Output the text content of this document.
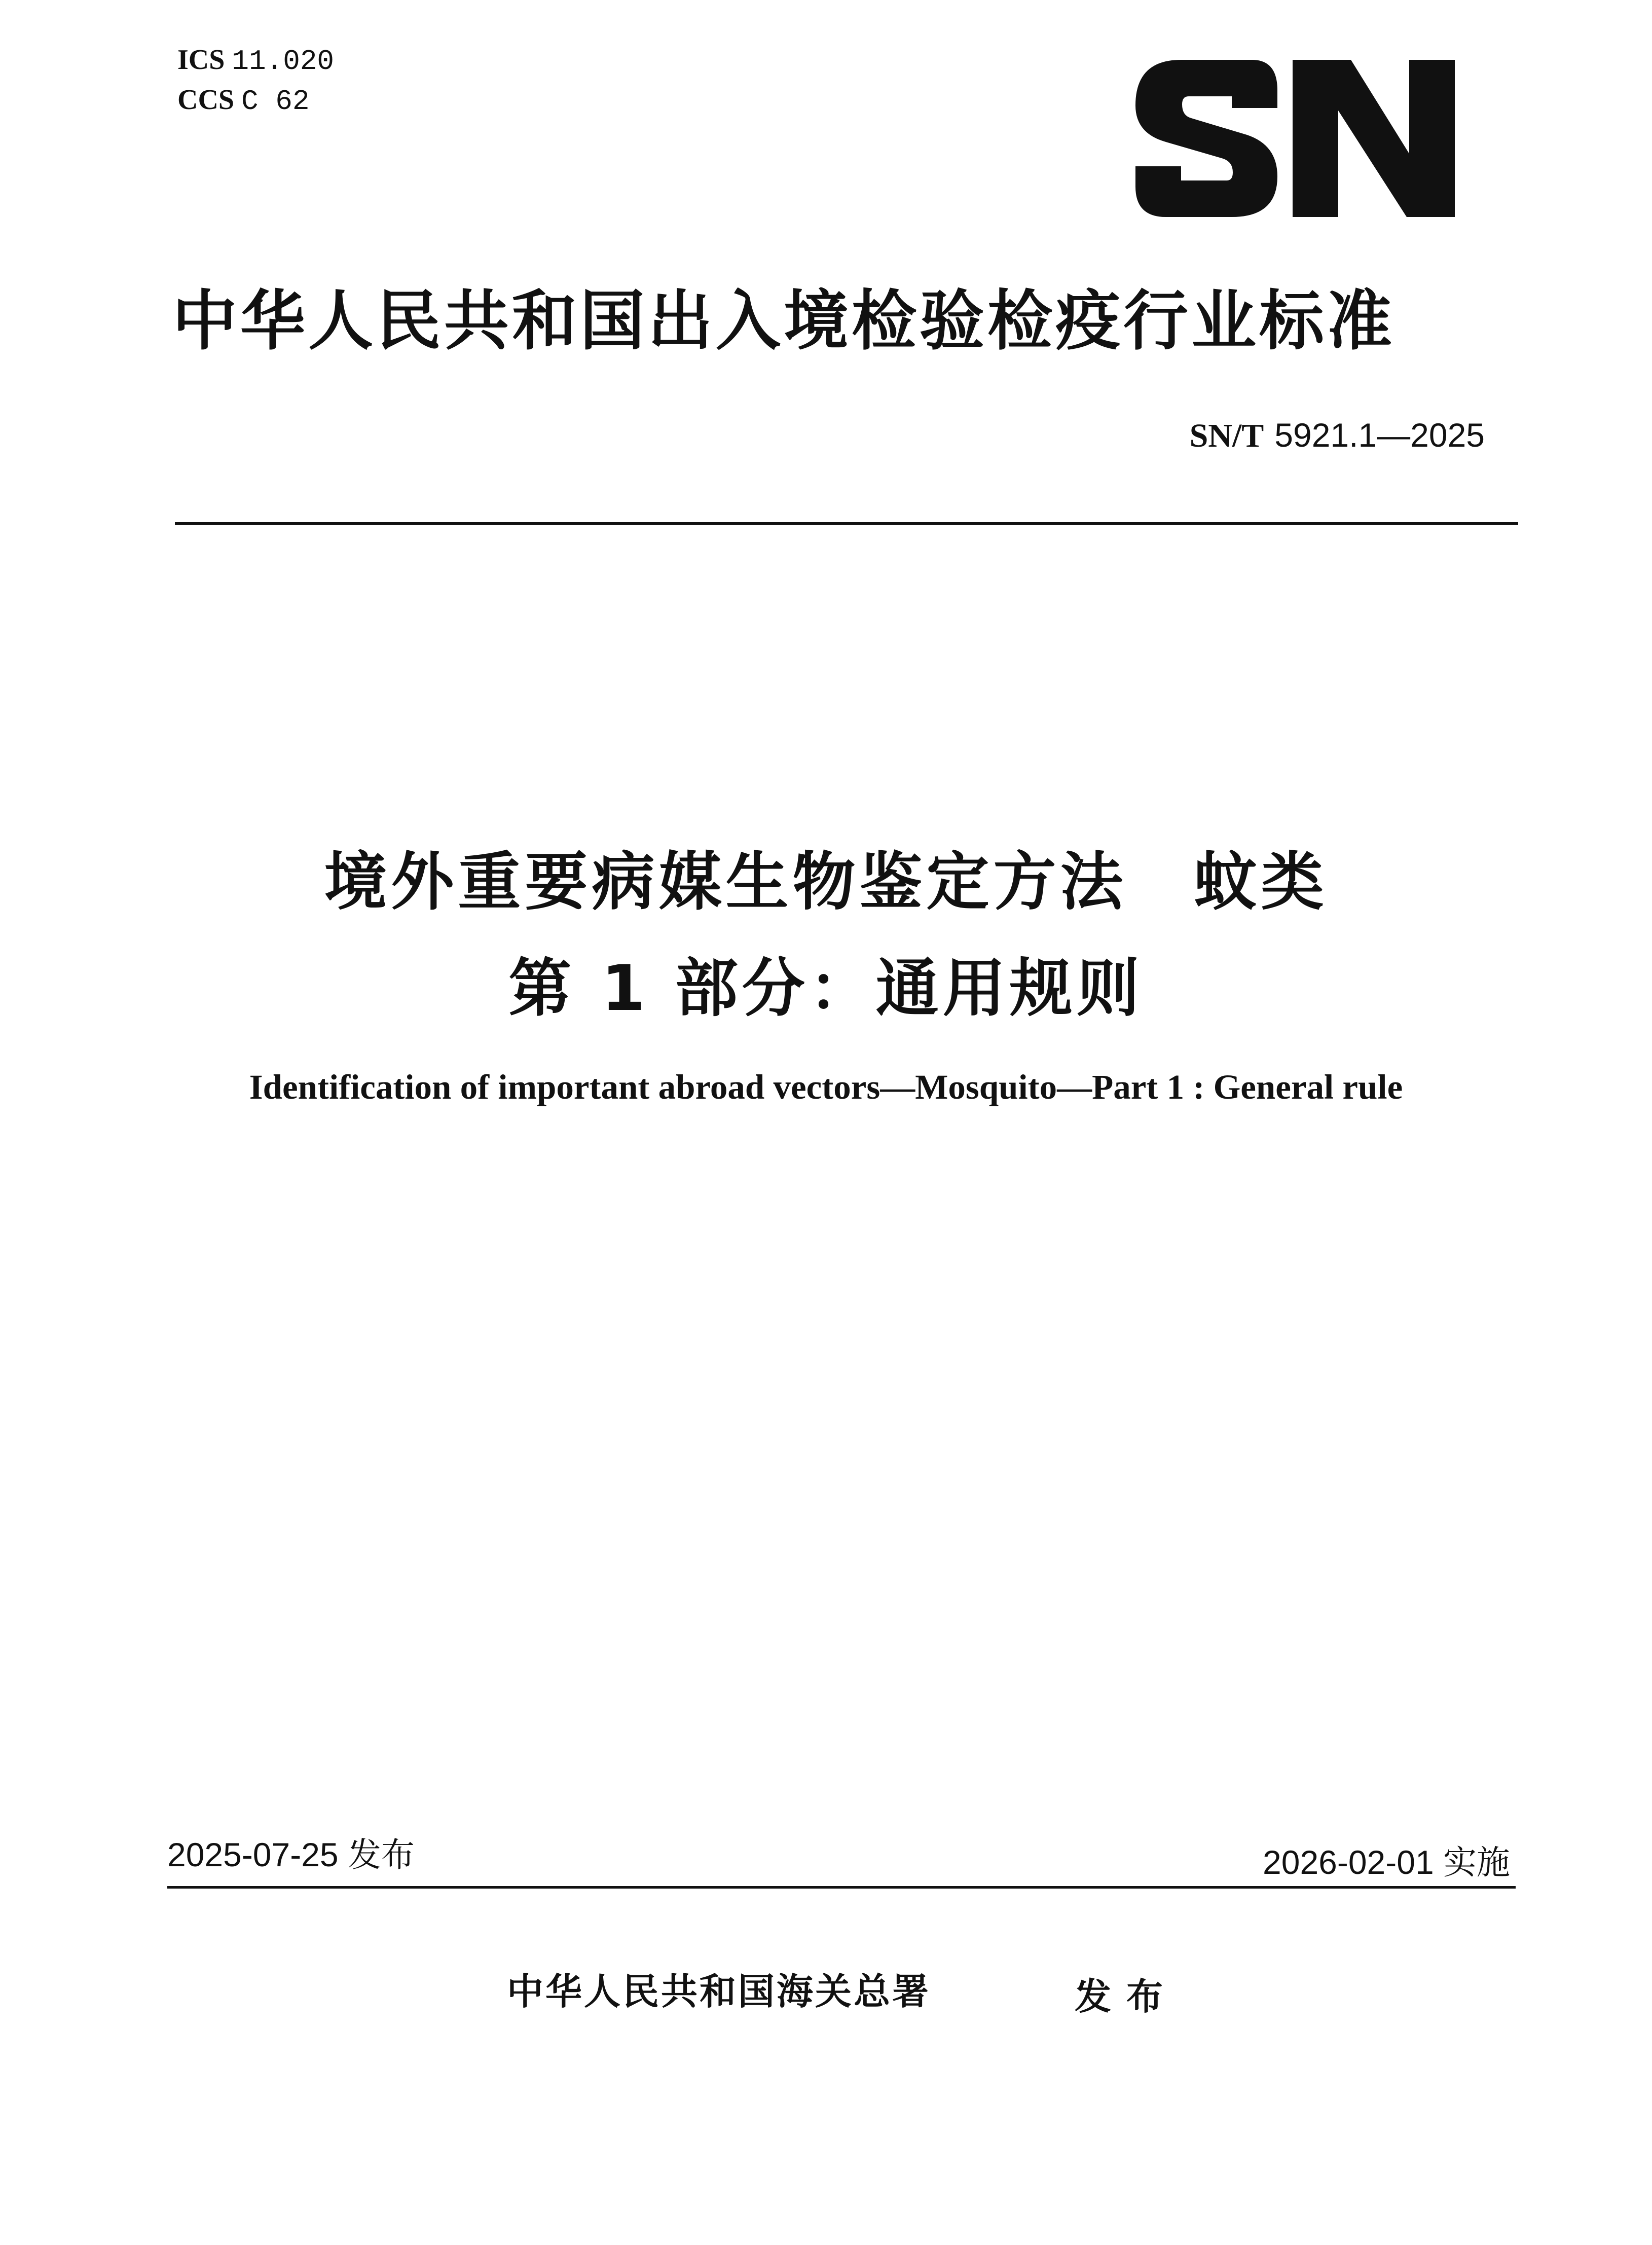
ICS 11.020
CCS C 62
中华人民共和国出入境检验检疫行业标准
SN/T 5921.1—2025
境外重要病媒生物鉴定方法　蚊类
第 1 部分：通用规则
Identification of important abroad vectors—Mosquito—Part 1 : General rule
2025-07-25 发布	2026-02-01 实施
中华人民共和国海关总署	发布
